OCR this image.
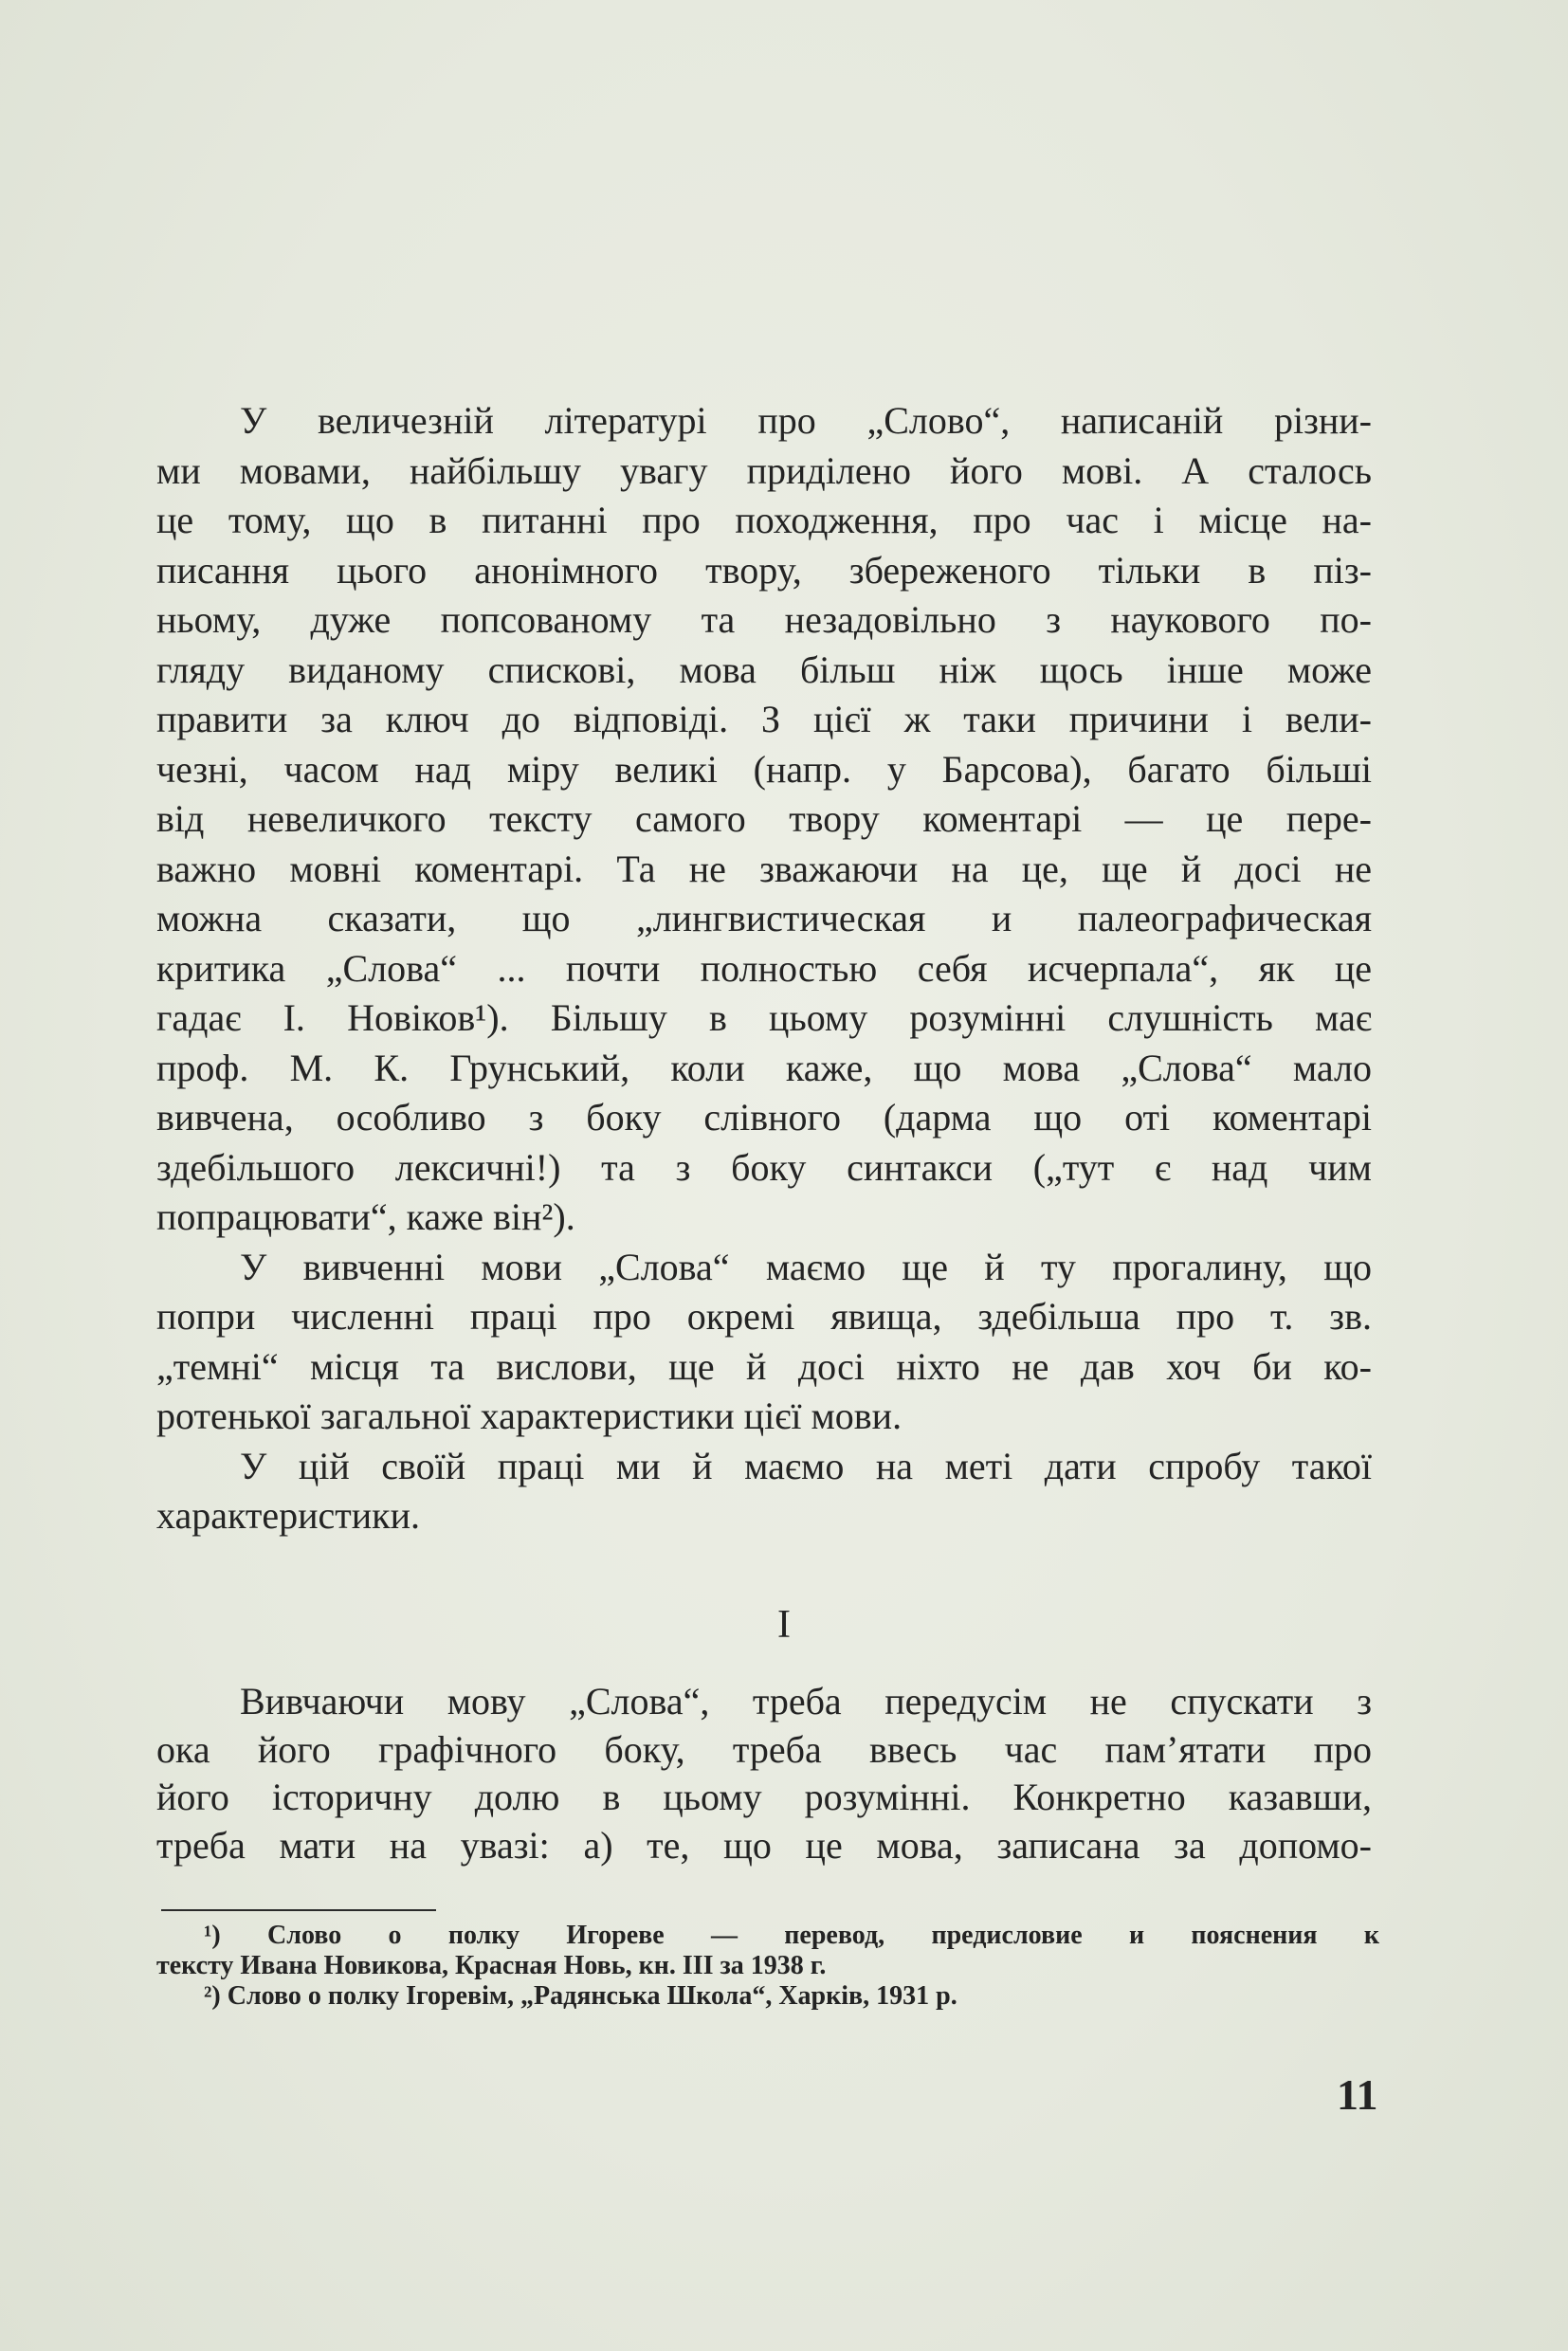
У величезній літературі про „Слово“, написаній різни-
ми мовами, найбільшу увагу приділено його мові. А сталось
це тому, що в питанні про походження, про час і місце на-
писання цього анонімного твору, збереженого тільки в піз-
ньому, дуже попсованому та незадовільно з наукового по-
гляду виданому спискові, мова більш ніж щось інше може
правити за ключ до відповіді. З цієї ж таки причини і вели-
чезні, часом над міру великі (напр. у Барсова), багато більші
від невеличкого тексту самого твору коментарі — це пере-
важно мовні коментарі. Та не зважаючи на це, ще й досі не
можна сказати, що „лингвистическая и палеографическая
критика „Слова“ ... почти полностью себя исчерпала“, як це
гадає І. Новіков¹). Більшу в цьому розумінні слушність має
проф. М. К. Грунський, коли каже, що мова „Слова“ мало
вивчена, особливо з боку слівного (дарма що оті коментарі
здебільшого лексичні!) та з боку синтакси („тут є над чим
попрацювати“, каже він²).
У вивченні мови „Слова“ маємо ще й ту прогалину, що
попри численні праці про окремі явища, здебільша про т. зв.
„темні“ місця та вислови, ще й досі ніхто не дав хоч би ко-
ротенької загальної характеристики цієї мови.
У цій своїй праці ми й маємо на меті дати спробу такої
характеристики.
I
Вивчаючи мову „Слова“, треба передусім не спускати з
ока його графічного боку, треба ввесь час пам’ятати про
його історичну долю в цьому розумінні. Конкретно казавши,
треба мати на увазі: а) те, що це мова, записана за допомо-
¹) Слово о полку Игореве — перевод, предисловие и пояснения к
тексту Ивана Новикова, Красная Новь, кн. III за 1938 г.
²) Слово о полку Ігоревім, „Радянська Школа“, Харків, 1931 р.
11
